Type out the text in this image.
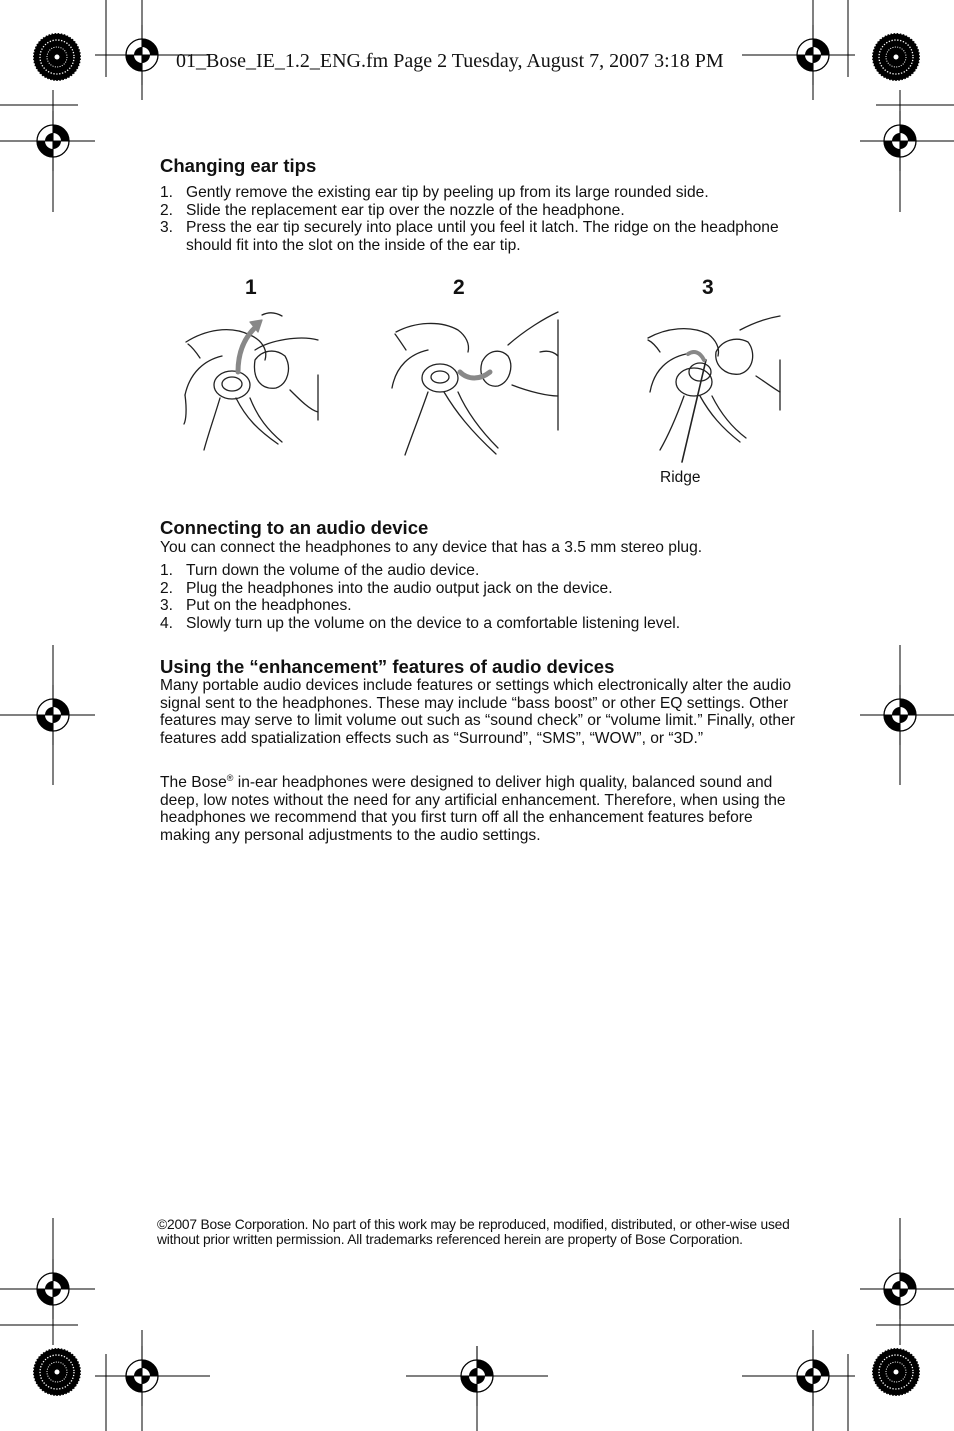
01_Bose_IE_1.2_ENG.fm Page 2 Tuesday, August 7, 2007 3:18 PM
Changing ear tips
1. Gently remove the existing ear tip by peeling up from its large rounded side.
2. Slide the replacement ear tip over the nozzle of the headphone.
3. Press the ear tip securely into place until you feel it latch. The ridge on the headphone should fit into the slot on the inside of the ear tip.
1	2	3
Ridge
Connecting to an audio device
You can connect the headphones to any device that has a 3.5 mm stereo plug.
1. Turn down the volume of the audio device.
2. Plug the headphones into the audio output jack on the device.
3. Put on the headphones.
4. Slowly turn up the volume on the device to a comfortable listening level.
Using the “enhancement” features of audio devices
Many portable audio devices include features or settings which electronically alter the audio signal sent to the headphones. These may include “bass boost” or other EQ settings. Other features may serve to limit volume out such as “sound check” or “volume limit.” Finally, other features add spatialization effects such as “Surround”, “SMS”, “WOW”, or “3D.”
The Bose® in-ear headphones were designed to deliver high quality, balanced sound and deep, low notes without the need for any artificial enhancement. Therefore, when using the headphones we recommend that you first turn off all the enhancement features before making any personal adjustments to the audio settings.
©2007 Bose Corporation. No part of this work may be reproduced, modified, distributed, or other-wise used without prior written permission. All trademarks referenced herein are property of Bose Corporation.
